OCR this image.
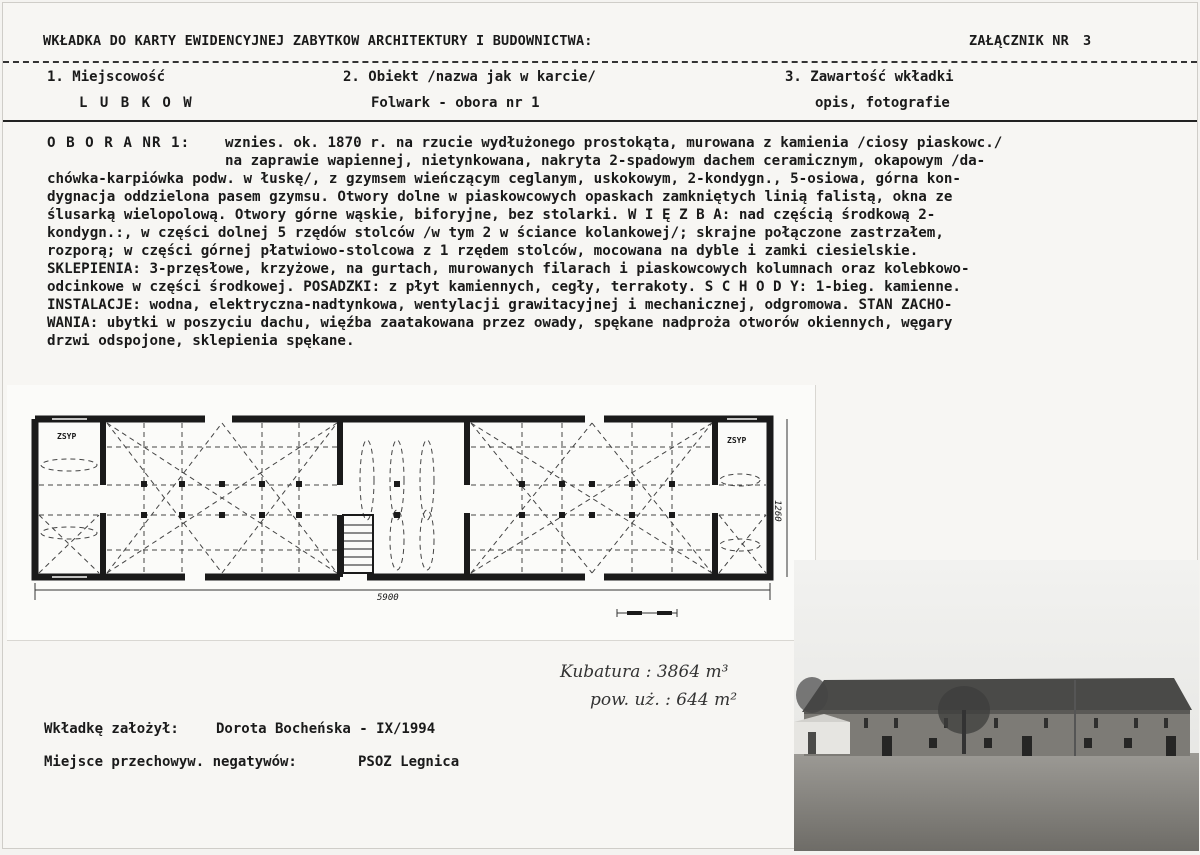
WKŁADKA DO KARTY EWIDENCYJNEJ ZABYTKOW ARCHITEKTURY I BUDOWNICTWA:	ZAŁĄCZNIK NR 3
1. Miejscowość
L U B K O W
2. Obiekt /nazwa jak w karcie/
Folwark - obora nr 1
3. Zawartość wkładki
opis, fotografie
O B O R A NR 1: wznies. ok. 1870 r. na rzucie wydłużonego prostokąta, murowana z kamienia /ciosy piaskowc./
na zaprawie wapiennej, nietynkowana, nakryta 2-spadowym dachem ceramicznym, okapowym /da-
chówka-karpiówka podw. w łuskę/, z gzymsem wieńczącym ceglanym, uskokowym, 2-kondygn., 5-osiowa, górna kon-
dygnacja oddzielona pasem gzymsu. Otwory dolne w piaskowcowych opaskach zamkniętych linią falistą, okna ze
ślusarką wielopolową. Otwory górne wąskie, biforyjne, bez stolarki. W I Ę Z B A: nad częścią środkową 2-
kondygn.:, w części dolnej 5 rzędów stolców /w tym 2 w ściance kolankowej/; skrajne połączone zastrzałem,
rozporą; w części górnej płatwiowo-stolcowa z 1 rzędem stolców, mocowana na dyble i zamki ciesielskie.
SKLEPIENIA: 3-przęsłowe, krzyżowe, na gurtach, murowanych filarach i piaskowcowych kolumnach oraz kolebkowo-
odcinkowe w części środkowej. POSADZKI: z płyt kamiennych, cegły, terrakoty. S C H O D Y: 1-bieg. kamienne.
INSTALACJE: wodna, elektryczna-nadtynkowa, wentylacji grawitacyjnej i mechanicznej, odgromowa. STAN ZACHO-
WANIA: ubytki w poszyciu dachu, więźba zaatakowana przez owady, spękane nadproża otworów okiennych, węgary
drzwi odspojone, sklepienia spękane.
ZSYP	ZSYP
5900
1260
Kubatura : 3864 m³
pow. uż. : 644 m²
Wkładkę założył:	Dorota Bocheńska - IX/1994
Miejsce przechowyw. negatywów:	PSOZ Legnica
